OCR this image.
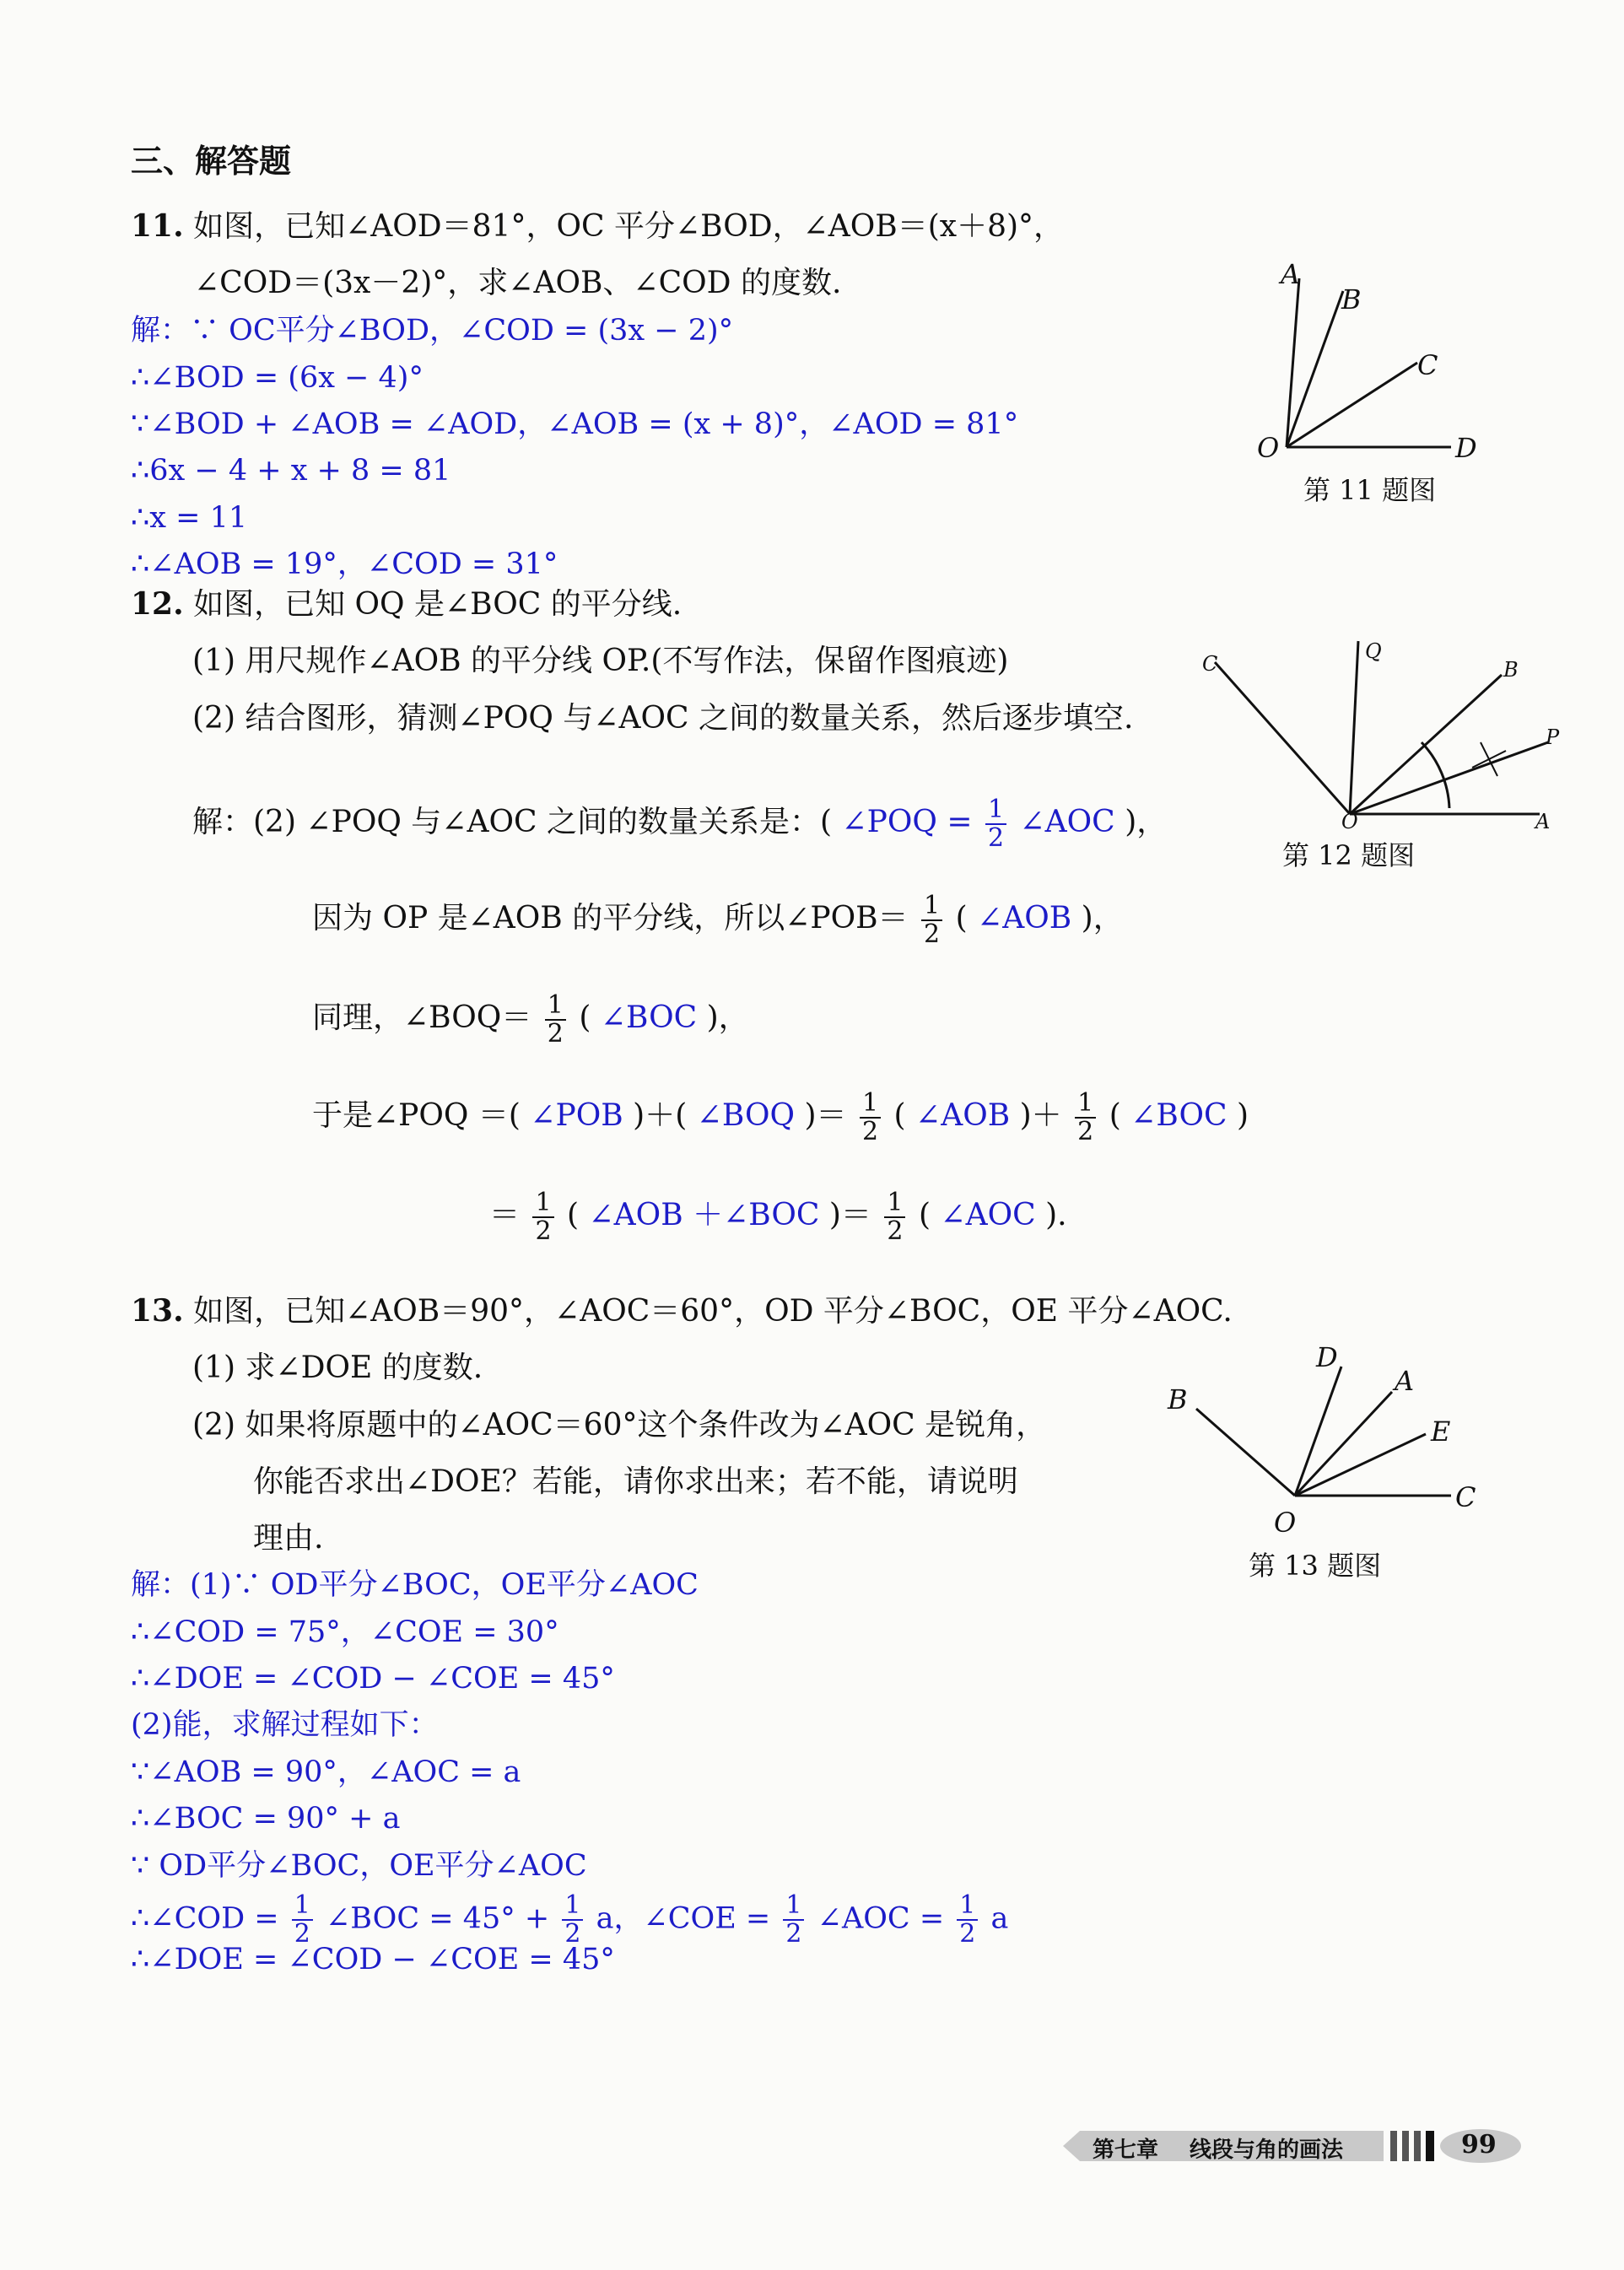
三、解答题
11. 如图，已知∠AOD＝81°，OC 平分∠BOD，∠AOB＝(x＋8)°，
∠COD＝(3x－2)°，求∠AOB、∠COD 的度数.
解：∵ OC平分∠BOD，∠COD = (3x − 2)°
∴∠BOD = (6x − 4)°
∵∠BOD + ∠AOB = ∠AOD，∠AOB = (x + 8)°，∠AOD = 81°
∴6x − 4 + x + 8 = 81
∴x = 11
∴∠AOB = 19°，∠COD = 31°
A
B
C
D
O
第 11 题图
12. 如图，已知 OQ 是∠BOC 的平分线.
(1) 用尺规作∠AOB 的平分线 OP.(不写作法，保留作图痕迹)
(2) 结合图形，猜测∠POQ 与∠AOC 之间的数量关系，然后逐步填空.
解：(2) ∠POQ 与∠AOC 之间的数量关系是：( ∠POQ = $\frac{1}{2}$ ∠AOC )，
因为 OP 是∠AOB 的平分线，所以∠POB＝ $\frac{1}{2}$ ( ∠AOB )，
同理，∠BOQ＝ $\frac{1}{2}$ ( ∠BOC )，
于是∠POQ ＝( ∠POB )＋( ∠BOQ )＝ $\frac{1}{2}$ ( ∠AOB )＋ $\frac{1}{2}$ ( ∠BOC )
＝ $\frac{1}{2}$ ( ∠AOB ＋∠BOC )＝ $\frac{1}{2}$ ( ∠AOC ).
C
Q
B
P
O	A
第 12 题图
13. 如图，已知∠AOB＝90°，∠AOC＝60°，OD 平分∠BOC，OE 平分∠AOC.
(1) 求∠DOE 的度数.
(2) 如果将原题中的∠AOC＝60°这个条件改为∠AOC 是锐角，
你能否求出∠DOE？若能，请你求出来；若不能，请说明
理由.
解：(1)∵ OD平分∠BOC，OE平分∠AOC
∴∠COD = 75°，∠COE = 30°
∴∠DOE = ∠COD − ∠COE = 45°
(2)能，求解过程如下：
∵∠AOB = 90°，∠AOC = a
∴∠BOC = 90° + a
∵ OD平分∠BOC，OE平分∠AOC
∴∠COD = $\frac{1}{2}$ ∠BOC = $45^\circ + \frac{1}{2}$ a，∠COE = $\frac{1}{2}$ ∠AOC = $\frac{1}{2}$ a
∴∠DOE = ∠COD − ∠COE = 45°
D
A
B
E
O
C
第 13 题图
第七章 线段与角的画法	99
